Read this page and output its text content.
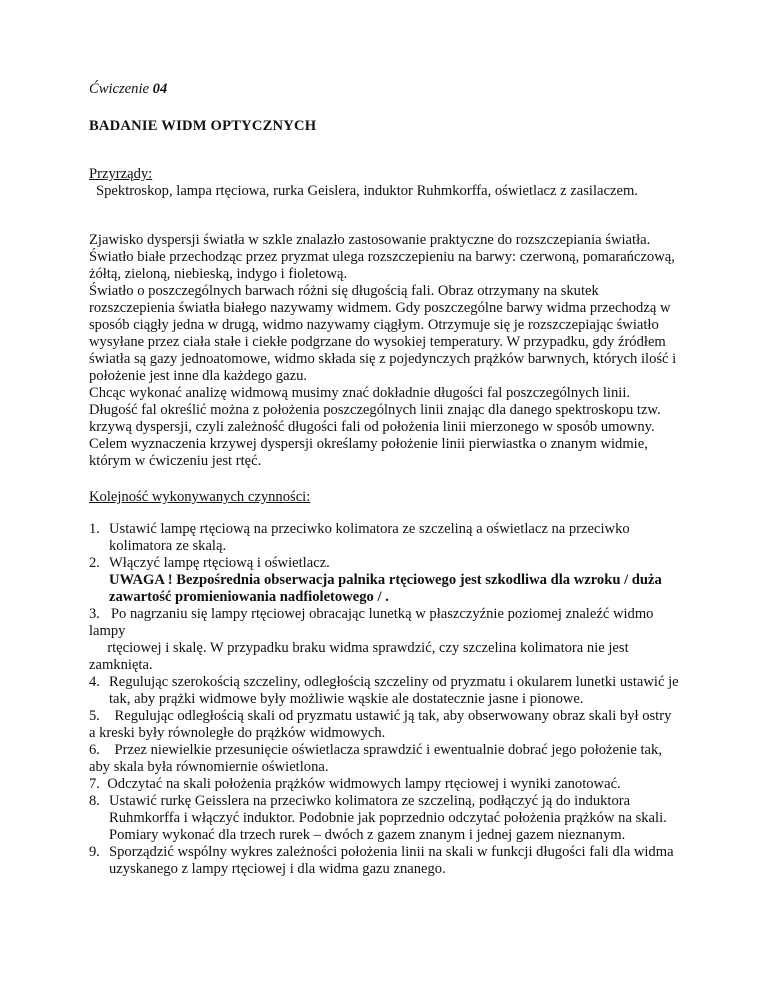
Ćwiczenie 04

BADANIE WIDM OPTYCZNYCH

Przyrządy:

Spektroskop, lampa rtęciowa, rurka Geislera, induktor Ruhmkorffa, oświetlacz z zasilaczem.

Zjawisko dyspersji światła w szkle znalazło zastosowanie praktyczne do rozszczepiania światła. Światło białe przechodząc przez pryzmat ulega rozszczepieniu na barwy: czerwoną, pomarańczową, żółtą, zieloną, niebieską, indygo i fioletową.

Światło o poszczególnych barwach różni się długością fali. Obraz otrzymany na skutek rozszczepienia światła białego nazywamy widmem. Gdy poszczególne barwy widma przechodzą w sposób ciągły jedna w drugą, widmo nazywamy ciągłym. Otrzymuje się je rozszczepiając światło wysyłane przez ciała stałe i ciekłe podgrzane do wysokiej temperatury. W przypadku, gdy źródłem światła są gazy jednoatomowe, widmo składa się z pojedynczych prążków barwnych, których ilość i położenie jest inne dla każdego gazu.

Chcąc wykonać analizę widmową musimy znać dokładnie długości fal poszczególnych linii. Długość fal określić można z położenia poszczególnych linii znając dla danego spektroskopu tzw. krzywą dyspersji, czyli zależność długości fali od położenia linii mierzonego w sposób umowny.

Celem wyznaczenia krzywej dyspersji określamy położenie linii pierwiastka o znanym widmie, którym w ćwiczeniu jest rtęć.

Kolejność wykonywanych czynności:

1. Ustawić lampę rtęciową na przeciwko kolimatora ze szczeliną a oświetlacz na przeciwko kolimatora ze skalą.
2. Włączyć lampę rtęciową i oświetlacz.
UWAGA ! Bezpośrednia obserwacja palnika rtęciowego jest szkodliwa dla wzroku / duża zawartość promieniowania nadfioletowego / .
3. Po nagrzaniu się lampy rtęciowej obracając lunetką w płaszczyźnie poziomej znaleźć widmo lampy
rtęciowej i skalę. W przypadku braku widma sprawdzić, czy szczelina kolimatora nie jest zamknięta.
4. Regulując szerokością szczeliny, odległością szczeliny od pryzmatu i okularem lunetki ustawić je tak, aby prążki widmowe były możliwie wąskie ale dostatecznie jasne i pionowe.
5. Regulując odległością skali od pryzmatu ustawić ją tak, aby obserwowany obraz skali był ostry a kreski były równoległe do prążków widmowych.
6. Przez niewielkie przesunięcie oświetlacza sprawdzić i ewentualnie dobrać jego położenie tak, aby skala była równomiernie oświetlona.
7. Odczytać na skali położenia prążków widmowych lampy rtęciowej i wyniki zanotować.
8. Ustawić rurkę Geisslera na przeciwko kolimatora ze szczeliną, podłączyć ją do induktora Ruhmkorffa i włączyć induktor. Podobnie jak poprzednio odczytać położenia prążków na skali. Pomiary wykonać dla trzech rurek – dwóch z gazem znanym i jednej gazem nieznanym.
9. Sporządzić wspólny wykres zależności położenia linii na skali w funkcji długości fali dla widma uzyskanego z lampy rtęciowej i dla widma gazu znanego.
